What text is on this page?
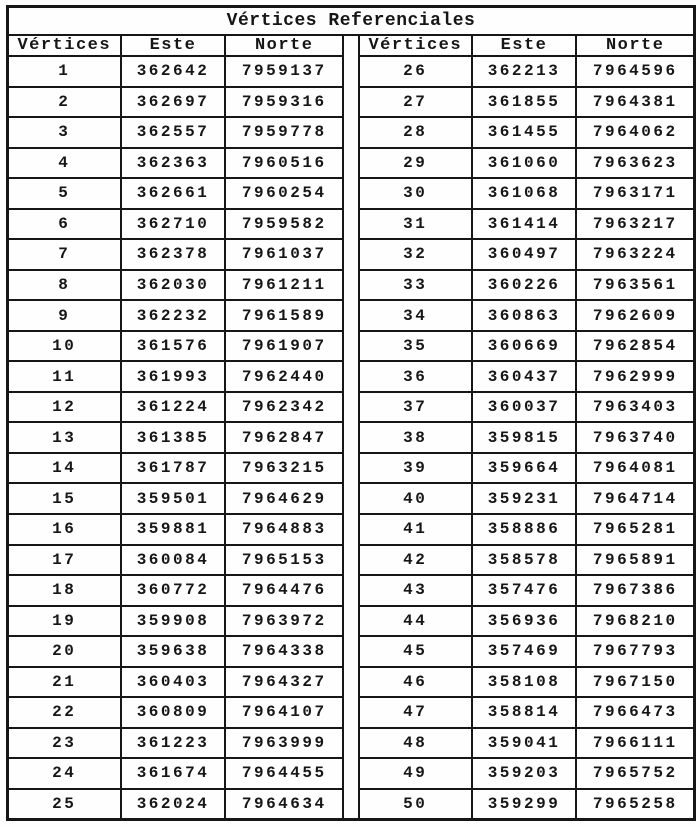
Vértices Referenciales
Vértices	Este	Norte
1	362642	7959137
2	362697	7959316
3	362557	7959778
4	362363	7960516
5	362661	7960254
6	362710	7959582
7	362378	7961037
8	362030	7961211
9	362232	7961589
10	361576	7961907
11	361993	7962440
12	361224	7962342
13	361385	7962847
14	361787	7963215
15	359501	7964629
16	359881	7964883
17	360084	7965153
18	360772	7964476
19	359908	7963972
20	359638	7964338
21	360403	7964327
22	360809	7964107
23	361223	7963999
24	361674	7964455
25	362024	7964634
Vértices	Este	Norte
26	362213	7964596
27	361855	7964381
28	361455	7964062
29	361060	7963623
30	361068	7963171
31	361414	7963217
32	360497	7963224
33	360226	7963561
34	360863	7962609
35	360669	7962854
36	360437	7962999
37	360037	7963403
38	359815	7963740
39	359664	7964081
40	359231	7964714
41	358886	7965281
42	358578	7965891
43	357476	7967386
44	356936	7968210
45	357469	7967793
46	358108	7967150
47	358814	7966473
48	359041	7966111
49	359203	7965752
50	359299	7965258
